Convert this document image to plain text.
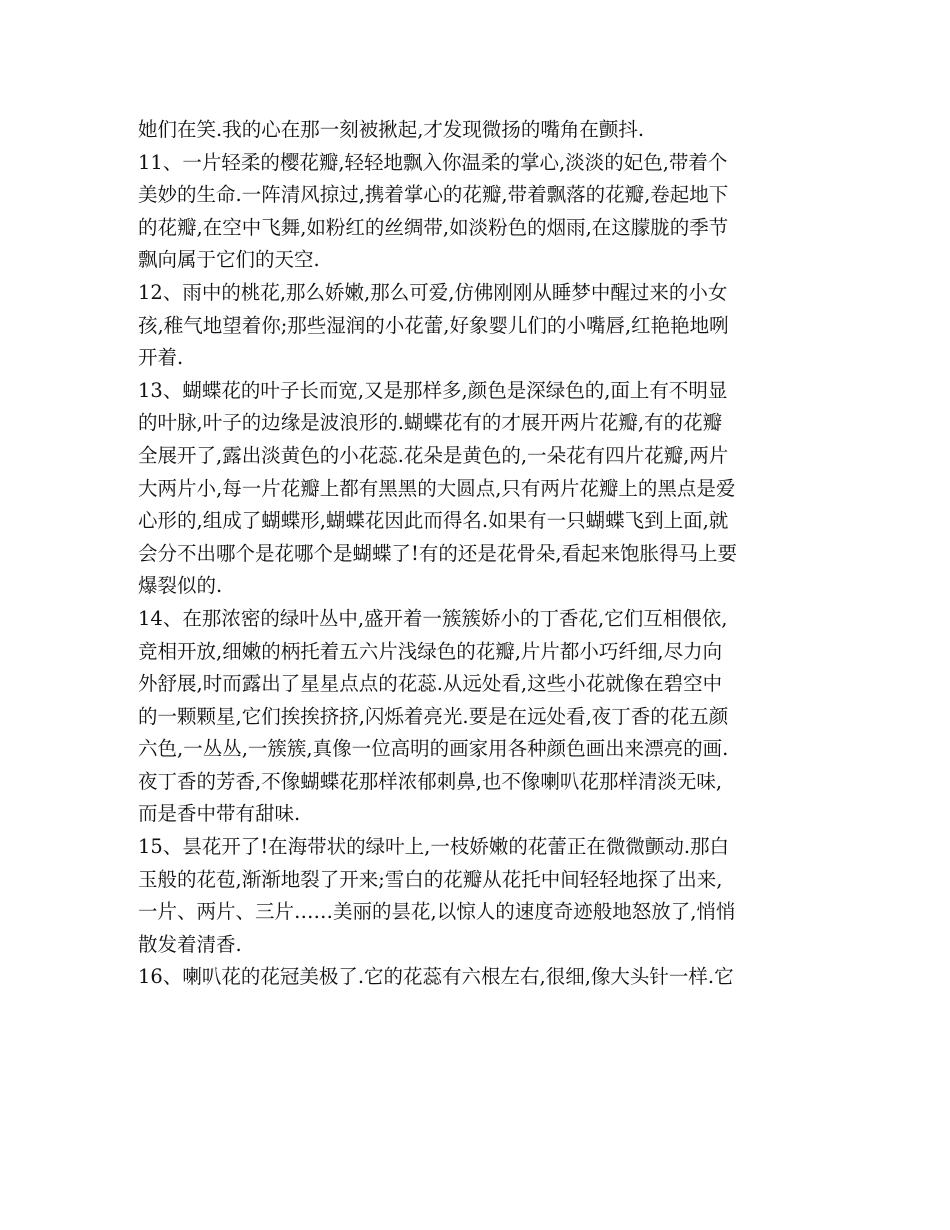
她们在笑.我的心在那一刻被揪起,才发现微扬的嘴角在颤抖.
11、一片轻柔的樱花瓣,轻轻地飘入你温柔的掌心,淡淡的妃色,带着个
美妙的生命.一阵清风掠过,携着掌心的花瓣,带着飘落的花瓣,卷起地下
的花瓣,在空中飞舞,如粉红的丝绸带,如淡粉色的烟雨,在这朦胧的季节
飘向属于它们的天空.
12、雨中的桃花,那么娇嫩,那么可爱,仿佛刚刚从睡梦中醒过来的小女
孩,稚气地望着你;那些湿润的小花蕾,好象婴儿们的小嘴唇,红艳艳地咧
开着.
13、蝴蝶花的叶子长而宽,又是那样多,颜色是深绿色的,面上有不明显
的叶脉,叶子的边缘是波浪形的.蝴蝶花有的才展开两片花瓣,有的花瓣
全展开了,露出淡黄色的小花蕊.花朵是黄色的,一朵花有四片花瓣,两片
大两片小,每一片花瓣上都有黑黑的大圆点,只有两片花瓣上的黑点是爱
心形的,组成了蝴蝶形,蝴蝶花因此而得名.如果有一只蝴蝶飞到上面,就
会分不出哪个是花哪个是蝴蝶了!有的还是花骨朵,看起来饱胀得马上要
爆裂似的.
14、在那浓密的绿叶丛中,盛开着一簇簇娇小的丁香花,它们互相偎依,
竞相开放,细嫩的柄托着五六片浅绿色的花瓣,片片都小巧纤细,尽力向
外舒展,时而露出了星星点点的花蕊.从远处看,这些小花就像在碧空中
的一颗颗星,它们挨挨挤挤,闪烁着亮光.要是在远处看,夜丁香的花五颜
六色,一丛丛,一簇簇,真像一位高明的画家用各种颜色画出来漂亮的画.
夜丁香的芳香,不像蝴蝶花那样浓郁刺鼻,也不像喇叭花那样清淡无味,
而是香中带有甜味.
15、昙花开了!在海带状的绿叶上,一枝娇嫩的花蕾正在微微颤动.那白
玉般的花苞,渐渐地裂了开来;雪白的花瓣从花托中间轻轻地探了出来,
一片、两片、三片……美丽的昙花,以惊人的速度奇迹般地怒放了,悄悄
散发着清香.
16、喇叭花的花冠美极了.它的花蕊有六根左右,很细,像大头针一样.它
